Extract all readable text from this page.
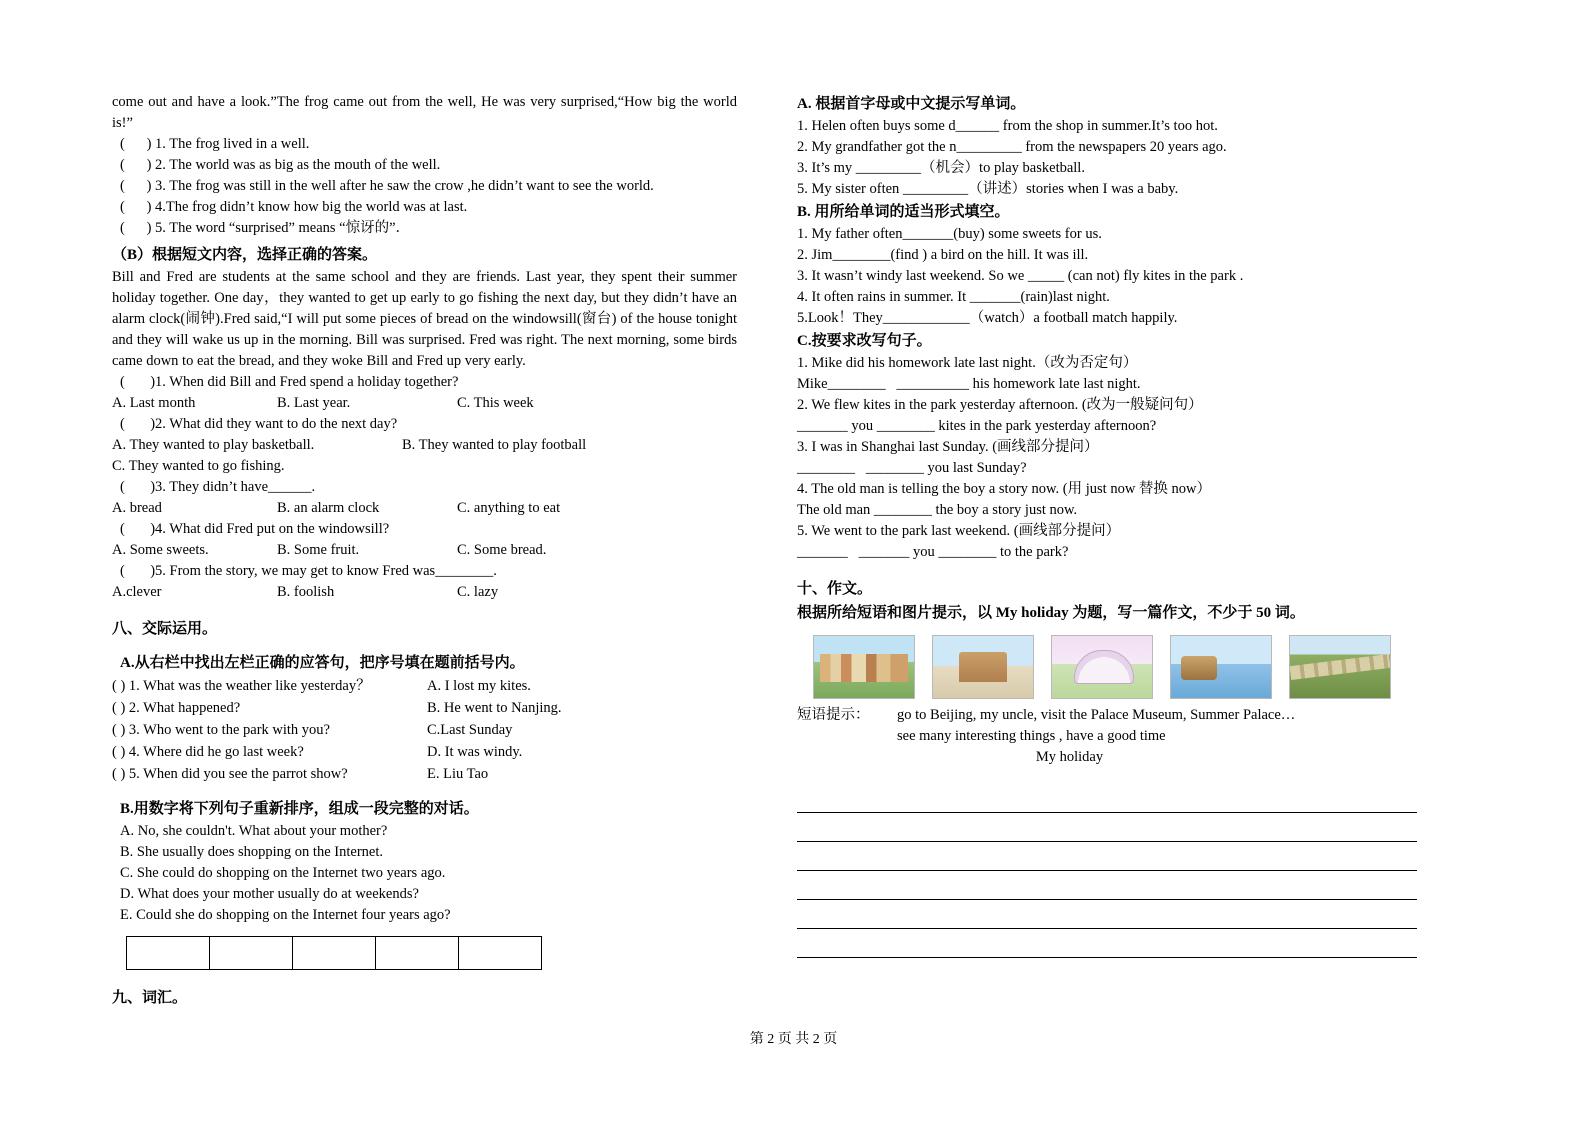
come out and have a look.”The frog came out from the well, He was very surprised,“How big the world is!”
(      ) 1. The frog lived in a well.
(      ) 2. The world was as big as the mouth of the well.
(      ) 3. The frog was still in the well after he saw the crow ,he didn’t want to see the world.
(      ) 4.The frog didn’t know how big the world was at last.
(      ) 5. The word “surprised” means “惊讶的”．
（B）根据短文内容，选择正确的答案。
Bill and Fred are students at the same school and they are friends. Last year, they spent their summer holiday together. One day，they wanted to get up early to go fishing the next day, but they didn’t have an alarm clock(闹钟).Fred said,“I will put some pieces of bread on the windowsill(窗台) of the house tonight and they will wake us up in the morning. Bill was surprised. Fred was right. The next morning, some birds came down to eat the bread, and they woke Bill and Fred up very early.
(       )1. When did Bill and Fred spend a holiday together?
A. Last month	B. Last year.	C. This week
(       )2. What did they want to do the next day?
A. They wanted to play basketball.	B. They wanted to play football
C. They wanted to go fishing.
(       )3. They didn’t have______.
A. bread	B. an alarm clock	C. anything to eat
(       )4. What did Fred put on the windowsill?
A. Some sweets.	B. Some fruit.	C. Some bread.
(       )5. From the story, we may get to know Fred was________.
A.clever	B. foolish	C. lazy
八、交际运用。
A.从右栏中找出左栏正确的应答句，把序号填在题前括号内。
( ) 1. What was the weather like yesterday？	A. I lost my kites.
( ) 2. What happened?	B. He went to Nanjing.
( ) 3. Who went to the park with you?	C.Last Sunday
( ) 4. Where did he go last week?	D. It was windy.
( ) 5. When did you see the parrot show?	E. Liu Tao
B.用数字将下列句子重新排序，组成一段完整的对话。
A. No, she couldn't. What about your mother?
B. She usually does shopping on the Internet.
C. She could do shopping on the Internet two years ago.
D. What does your mother usually do at weekends?
E. Could she do shopping on the Internet four years ago?

九、词汇。
A. 根据首字母或中文提示写单词。
1. Helen often buys some d______ from the shop in summer.It’s too hot.
2. My grandfather got the n_________ from the newspapers 20 years ago.
3. It’s my _________（机会）to play basketball.
5. My sister often _________（讲述）stories when I was a baby.
B. 用所给单词的适当形式填空。
1. My father often_______(buy) some sweets for us.
2. Jim________(find ) a bird on the hill. It was ill.
3. It wasn’t windy last weekend. So we _____ (can not) fly kites in the park .
4. It often rains in summer. It _______(rain)last night.
5.Look！They____________（watch）a football match happily.
C.按要求改写句子。
1. Mike did his homework late last night.（改为否定句）
Mike________   __________ his homework late last night.
2. We flew kites in the park yesterday afternoon. (改为一般疑问句）
_______ you ________ kites in the park yesterday afternoon?
3. I was in Shanghai last Sunday. (画线部分提问）
________   ________ you last Sunday?
4. The old man is telling the boy a story now. (用 just now 替换 now）
The old man ________ the boy a story just now.
5. We went to the park last weekend. (画线部分提问）
_______   _______ you ________ to the park?
十、作文。
根据所给短语和图片提示，以 My holiday 为题，写一篇作文，不少于 50 词。
短语提示：	go to Beijing, my uncle, visit the Palace Museum, Summer Palace…
see many interesting things , have a good time
My holiday
第 2 页 共 2 页
